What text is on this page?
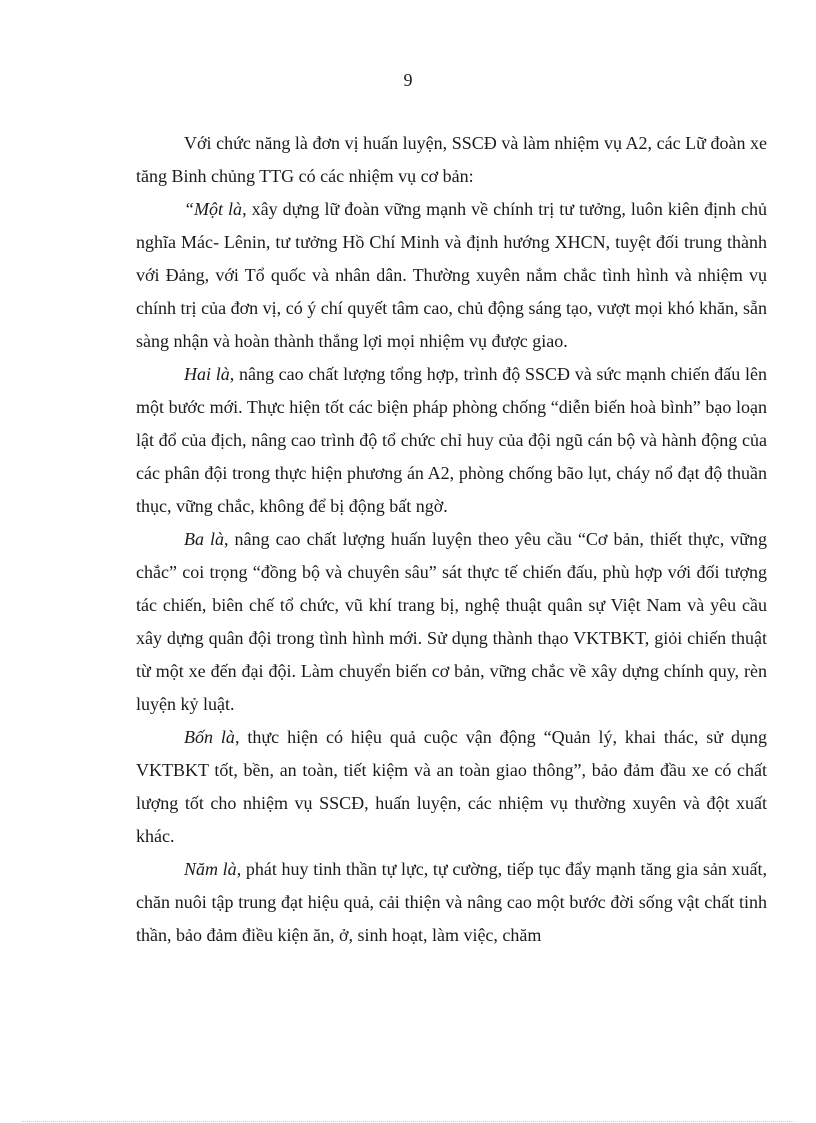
9

Với chức năng là đơn vị huấn luyện, SSCĐ và làm nhiệm vụ A2, các Lữ đoàn xe tăng Binh chủng TTG có các nhiệm vụ cơ bản:

“Một là, xây dựng lữ đoàn vững mạnh về chính trị tư tưởng, luôn kiên định chủ nghĩa Mác- Lênin, tư tưởng Hồ Chí Minh và định hướng XHCN, tuyệt đối trung thành với Đảng, với Tổ quốc và nhân dân. Thường xuyên nắm chắc tình hình và nhiệm vụ chính trị của đơn vị, có ý chí quyết tâm cao, chủ động sáng tạo, vượt mọi khó khăn, sẵn sàng nhận và hoàn thành thắng lợi mọi nhiệm vụ được giao.

Hai là, nâng cao chất lượng tổng hợp, trình độ SSCĐ và sức mạnh chiến đấu lên một bước mới. Thực hiện tốt các biện pháp phòng chống “diễn biến hoà bình” bạo loạn lật đổ của địch, nâng cao trình độ tổ chức chỉ huy của đội ngũ cán bộ và hành động của các phân đội trong thực hiện phương án A2, phòng chống bão lụt, cháy nổ đạt độ thuần thục, vững chắc, không để bị động bất ngờ.

Ba là, nâng cao chất lượng huấn luyện theo yêu cầu “Cơ bản, thiết thực, vững chắc” coi trọng “đồng bộ và chuyên sâu” sát thực tế chiến đấu, phù hợp với đối tượng tác chiến, biên chế tổ chức, vũ khí trang bị, nghệ thuật quân sự Việt Nam và yêu cầu xây dựng quân đội trong tình hình mới. Sử dụng thành thạo VKTBKT, giỏi chiến thuật từ một xe đến đại đội. Làm chuyển biến cơ bản, vững chắc về xây dựng chính quy, rèn luyện kỷ luật.

Bốn là, thực hiện có hiệu quả cuộc vận động “Quản lý, khai thác, sử dụng VKTBKT tốt, bền, an toàn, tiết kiệm và an toàn giao thông”, bảo đảm đầu xe có chất lượng tốt cho nhiệm vụ SSCĐ, huấn luyện, các nhiệm vụ thường xuyên và đột xuất khác.

Năm là, phát huy tinh thần tự lực, tự cường, tiếp tục đẩy mạnh tăng gia sản xuất, chăn nuôi tập trung đạt hiệu quả, cải thiện và nâng cao một bước đời sống vật chất tinh thần, bảo đảm điều kiện ăn, ở, sinh hoạt, làm việc, chăm
